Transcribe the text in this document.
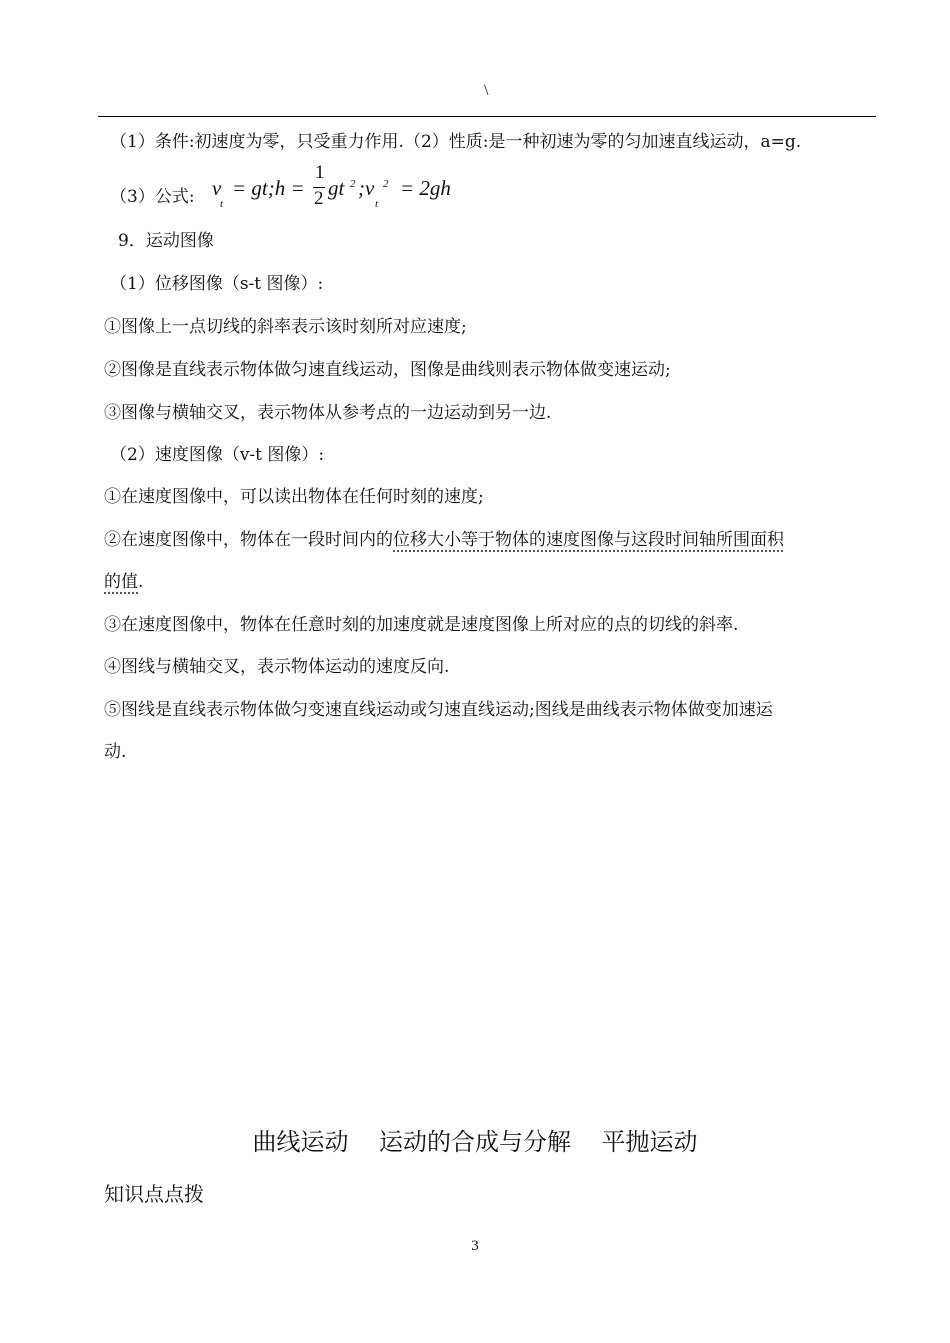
\
（1）条件:初速度为零，只受重力作用.（2）性质:是一种初速为零的匀加速直线运动，a=g.
（3）公式: v
t
= gt;h =
1
2 gt 2 ;v 2
t
= 2gh
9．运动图像
（1）位移图像（s-t 图像）:
①图像上一点切线的斜率表示该时刻所对应速度;
②图像是直线表示物体做匀速直线运动，图像是曲线则表示物体做变速运动;
③图像与横轴交叉，表示物体从参考点的一边运动到另一边.
（2）速度图像（v-t 图像）:
①在速度图像中，可以读出物体在任何时刻的速度;
②在速度图像中，物体在一段时间内的位移大小等于物体的速度图像与这段时间轴所围面积
的值.
③在速度图像中，物体在任意时刻的加速度就是速度图像上所对应的点的切线的斜率.
④图线与横轴交叉，表示物体运动的速度反向.
⑤图线是直线表示物体做匀变速直线运动或匀速直线运动;图线是曲线表示物体做变加速运
动.
曲线运动    运动的合成与分解    平抛运动
知识点点拨
3
